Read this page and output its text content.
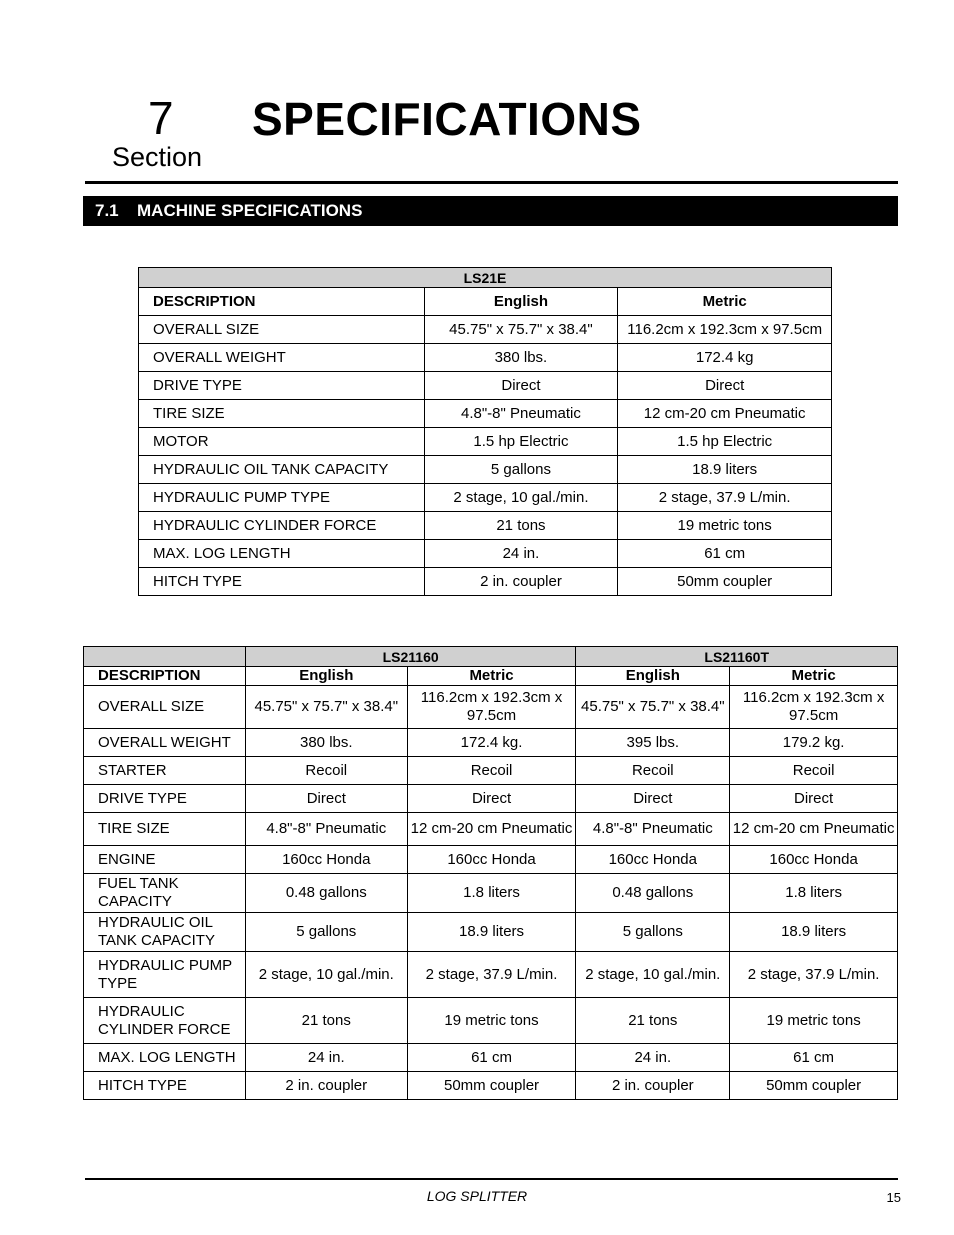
7
Section
SPECIFICATIONS
7.1 MACHINE SPECIFICATIONS
LS21E		
DESCRIPTION	English	Metric
OVERALL SIZE	45.75" x 75.7" x 38.4"	116.2cm x 192.3cm x 97.5cm
OVERALL WEIGHT	380 lbs.	172.4 kg
DRIVE TYPE	Direct	Direct
TIRE SIZE	4.8"-8" Pneumatic	12 cm-20 cm Pneumatic
MOTOR	1.5 hp Electric	1.5 hp Electric
HYDRAULIC OIL TANK CAPACITY	5 gallons	18.9 liters
HYDRAULIC PUMP TYPE	2 stage, 10 gal./min.	2 stage, 37.9 L/min.
HYDRAULIC CYLINDER FORCE	21 tons	19 metric tons
MAX. LOG LENGTH	24 in.	61 cm
HITCH TYPE	2 in. coupler	50mm coupler
	LS21160		LS21160T	
DESCRIPTION	English	Metric	English	Metric
OVERALL SIZE	45.75" x 75.7" x 38.4"	116.2cm x 192.3cm x 97.5cm	45.75" x 75.7" x 38.4"	116.2cm x 192.3cm x 97.5cm
OVERALL WEIGHT	380 lbs.	172.4 kg.	395 lbs.	179.2 kg.
STARTER	Recoil	Recoil	Recoil	Recoil
DRIVE TYPE	Direct	Direct	Direct	Direct
TIRE SIZE	4.8"-8" Pneumatic	12 cm-20 cm Pneumatic	4.8"-8" Pneumatic	12 cm-20 cm Pneumatic
ENGINE	160cc Honda	160cc Honda	160cc Honda	160cc Honda
FUEL TANK CAPACITY	0.48 gallons	1.8 liters	0.48 gallons	1.8 liters
HYDRAULIC OIL TANK CAPACITY	5 gallons	18.9 liters	5 gallons	18.9 liters
HYDRAULIC PUMP TYPE	2 stage, 10 gal./min.	2 stage, 37.9 L/min.	2 stage, 10 gal./min.	2 stage, 37.9 L/min.
HYDRAULIC CYLINDER FORCE	21 tons	19 metric tons	21 tons	19 metric tons
MAX. LOG LENGTH	24 in.	61 cm	24 in.	61 cm
HITCH TYPE	2 in. coupler	50mm coupler	2 in. coupler	50mm coupler
LOG SPLITTER	15
